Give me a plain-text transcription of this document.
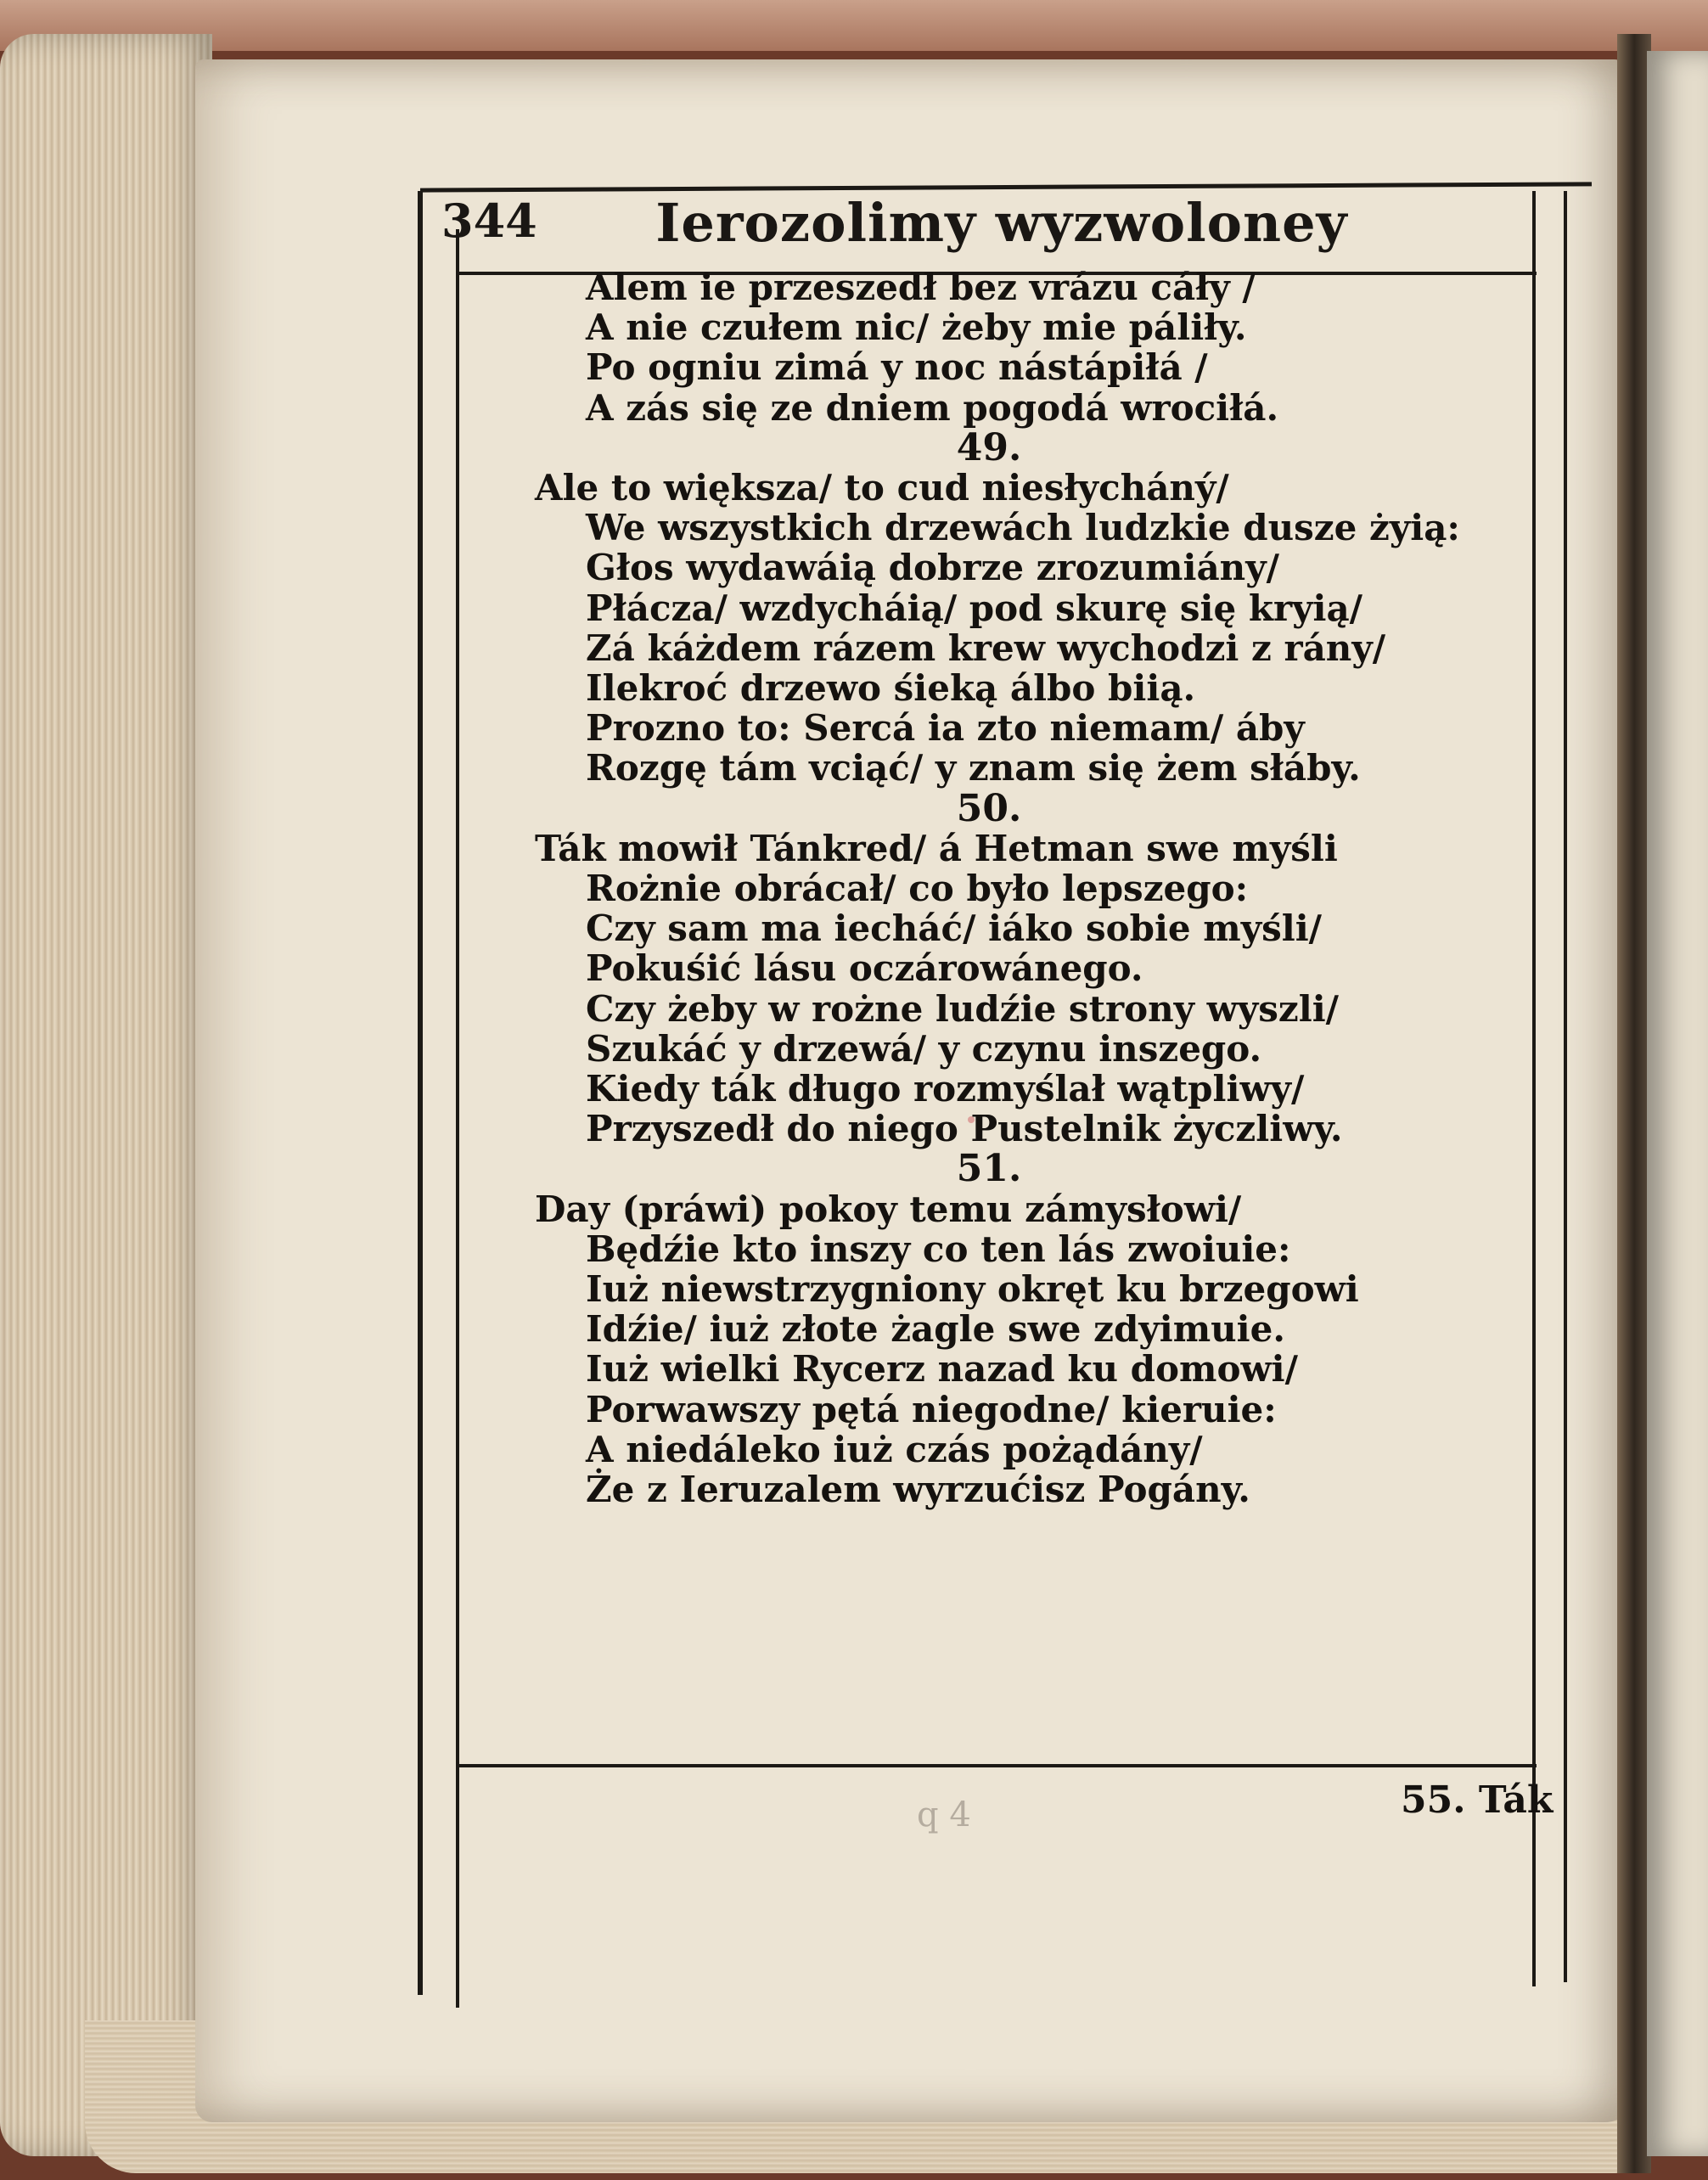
344	Ierozolimy wyzwoloney
Alem ie przeszedł bez vrázu cáły /
A nie czułem nic/ żeby mie páliły.
Po ogniu zimá y noc nástápiłá /
A zás się ze dniem pogodá wrociłá.
49.
Ale to większa/ to cud niesłycháný/
We wszystkich drzewách ludzkie dusze żyią:
Głos wydawáią dobrze zrozumiány/
Płácza/ wzdycháią/ pod skurę się kryią/
Zá káżdem rázem krew wychodzi z rány/
Ilekroć drzewo śieką álbo biią.
Prozno to: Sercá ia zto niemam/ áby
Rozgę tám vciąć/ y znam się żem słáby.
50.
Ták mowił Tánkred/ á Hetman swe myśli
Rożnie obrácał/ co było lepszego:
Czy sam ma iecháć/ iáko sobie myśli/
Pokuśić lásu oczárowánego.
Czy żeby w rożne ludźie strony wyszli/
Szukáć y drzewá/ y czynu inszego.
Kiedy ták długo rozmyślał wątpliwy/
Przyszedł do niego Pustelnik życzliwy.
51.
Day (práwi) pokoy temu zámysłowi/
Będźie kto inszy co ten lás zwoiuie:
Iuż niewstrzygniony okręt ku brzegowi
Idźie/ iuż złote żagle swe zdyimuie.
Iuż wielki Rycerz nazad ku domowi/
Porwawszy pętá niegodne/ kieruie:
A niedáleko iuż czás pożądány/
Że z Ieruzalem wyrzućisz Pogány.
q 4	55. Ták
